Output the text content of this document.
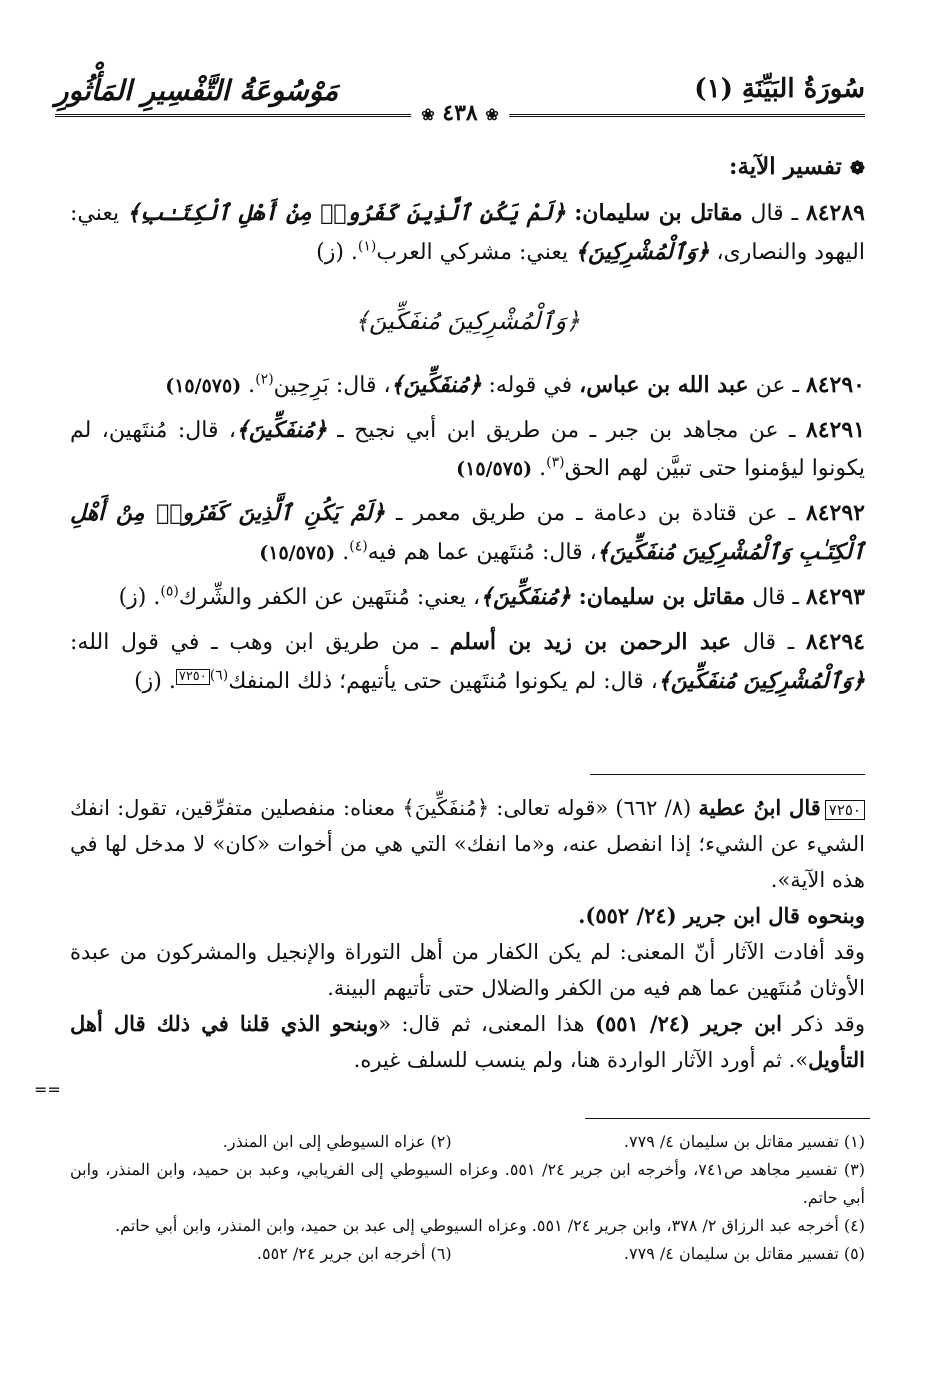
سُورَةُ البَيِّنَةِ (١)
مَوْسُوعَةُ التَّفْسِيرِ المَأْثُورِ
❀ ٤٣٨ ❀
❁ تفسير الآية:
٨٤٢٨٩ ـ قال مقاتل بن سليمان: ﴿لَمْ يَكُنِ ٱلَّذِينَ كَفَرُوا۟ مِنْ أَهْلِ ٱلْكِتَـٰبِ﴾ يعني: اليهود والنصارى، ﴿وَٱلْمُشْرِكِينَ﴾ يعني: مشركي العرب$^{(١)}$. (ز)
﴿وَٱلْمُشْرِكِينَ مُنفَكِّينَ﴾
٨٤٢٩٠ ـ عن عبد الله بن عباس، في قوله: ﴿مُنفَكِّينَ﴾، قال: بَرِحِين$^{(٢)}$. (١٥/٥٧٥)
٨٤٢٩١ ـ عن مجاهد بن جبر ـ من طريق ابن أبي نجيح ـ ﴿مُنفَكِّينَ﴾، قال: مُنتَهين، لم يكونوا ليؤمنوا حتى تبيَّن لهم الحق$^{(٣)}$. (١٥/٥٧٥)
٨٤٢٩٢ ـ عن قتادة بن دعامة ـ من طريق معمر ـ ﴿لَمْ يَكُنِ ٱلَّذِينَ كَفَرُوا۟ مِنْ أَهْلِ ٱلْكِتَـٰبِ وَٱلْمُشْرِكِينَ مُنفَكِّينَ﴾، قال: مُنتَهين عما هم فيه$^{(٤)}$. (١٥/٥٧٥)
٨٤٢٩٣ ـ قال مقاتل بن سليمان: ﴿مُنفَكِّينَ﴾، يعني: مُنتَهين عن الكفر والشِّرك$^{(٥)}$. (ز)
٨٤٢٩٤ ـ قال عبد الرحمن بن زيد بن أسلم ـ من طريق ابن وهب ـ في قول الله: ﴿وَٱلْمُشْرِكِينَ مُنفَكِّينَ﴾، قال: لم يكونوا مُنتَهين حتى يأتيهم؛ ذلك المنفك$^{(٦)}$٧٢٥٠. (ز)
٧٢٥٠قال ابنُ عطية (٨/ ٦٦٢) «قوله تعالى: ﴿مُنفَكِّينَ﴾ معناه: منفصلين متفرِّقين، تقول: انفك الشيء عن الشيء؛ إذا انفصل عنه، و«ما انفك» التي هي من أخوات «كان» لا مدخل لها في هذه الآية».
وبنحوه قال ابن جرير (٢٤/ ٥٥٢).
وقد أفادت الآثار أنّ المعنى: لم يكن الكفار من أهل التوراة والإنجيل والمشركون من عبدة الأوثان مُنتَهين عما هم فيه من الكفر والضلال حتى تأتيهم البينة.
وقد ذكر ابن جرير (٢٤/ ٥٥١) هذا المعنى، ثم قال: «وبنحو الذي قلنا في ذلك قال أهل التأويل». ثم أورد الآثار الواردة هنا، ولم ينسب للسلف غيره.
==
(١) تفسير مقاتل بن سليمان ٤/ ٧٧٩.
(٢) عزاه السيوطي إلى ابن المنذر.
(٣) تفسير مجاهد ص٧٤١، وأخرجه ابن جرير ٢٤/ ٥٥١. وعزاه السيوطي إلى الفريابي، وعبد بن حميد، وابن المنذر، وابن أبي حاتم.
(٤) أخرجه عبد الرزاق ٢/ ٣٧٨، وابن جرير ٢٤/ ٥٥١. وعزاه السيوطي إلى عبد بن حميد، وابن المنذر، وابن أبي حاتم.
(٥) تفسير مقاتل بن سليمان ٤/ ٧٧٩.
(٦) أخرجه ابن جرير ٢٤/ ٥٥٢.
